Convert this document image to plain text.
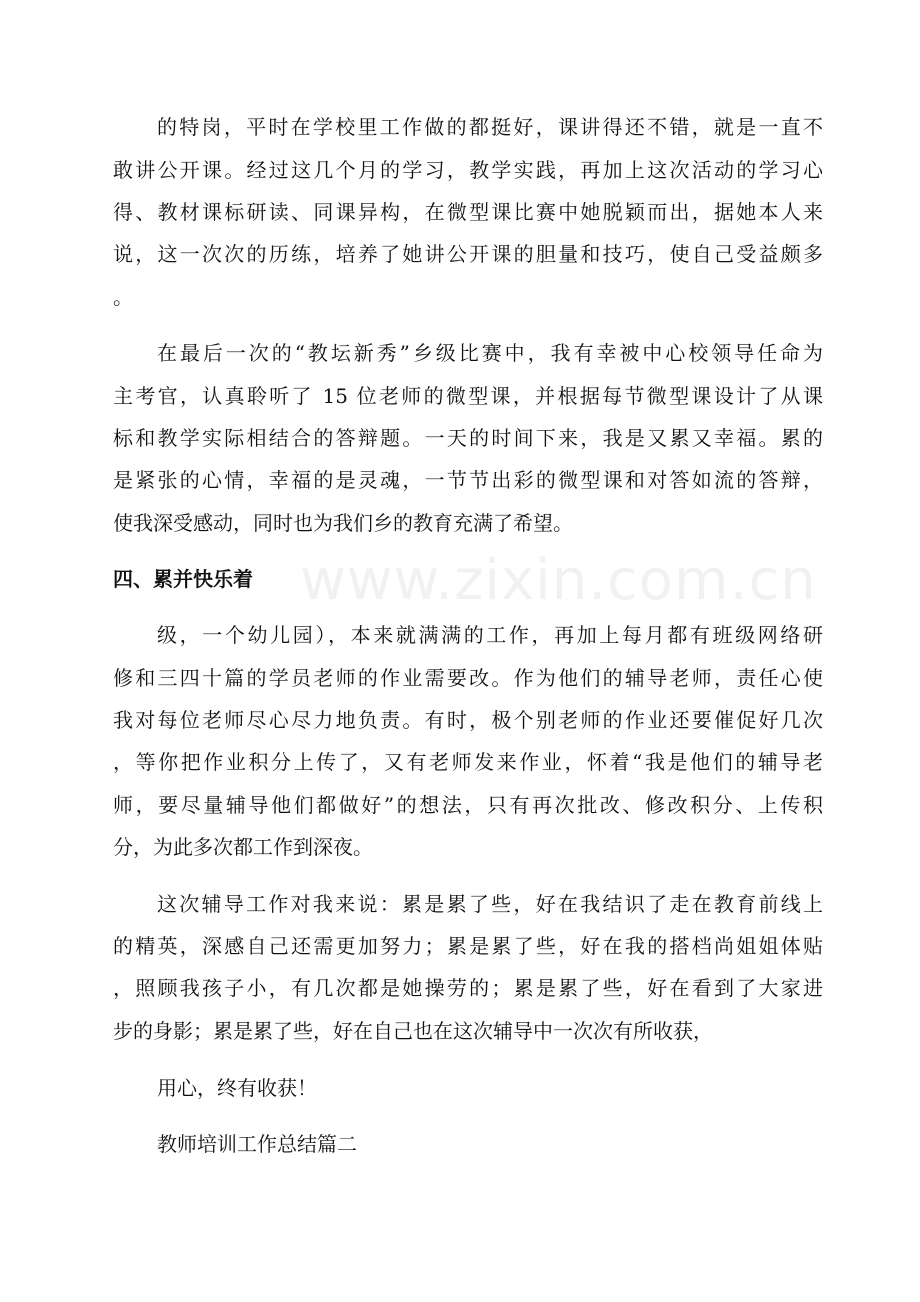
www.zixin.com.cn
的特岗，平时在学校里工作做的都挺好，课讲得还不错，就是一直不
敢讲公开课。经过这几个月的学习，教学实践，再加上这次活动的学习心
得、教材课标研读、同课异构，在微型课比赛中她脱颖而出，据她本人来
说，这一次次的历练，培养了她讲公开课的胆量和技巧，使自己受益颇多
。
在最后一次的“教坛新秀”乡级比赛中，我有幸被中心校领导任命为
主考官，认真聆听了 15 位老师的微型课，并根据每节微型课设计了从课
标和教学实际相结合的答辩题。一天的时间下来，我是又累又幸福。累的
是紧张的心情，幸福的是灵魂，一节节出彩的微型课和对答如流的答辩，
使我深受感动，同时也为我们乡的教育充满了希望。
四、累并快乐着
级，一个幼儿园），本来就满满的工作，再加上每月都有班级网络研
修和三四十篇的学员老师的作业需要改。作为他们的辅导老师，责任心使
我对每位老师尽心尽力地负责。有时，极个别老师的作业还要催促好几次
，等你把作业积分上传了，又有老师发来作业，怀着“我是他们的辅导老
师，要尽量辅导他们都做好”的想法，只有再次批改、修改积分、上传积
分，为此多次都工作到深夜。
这次辅导工作对我来说：累是累了些，好在我结识了走在教育前线上
的精英，深感自己还需更加努力；累是累了些，好在我的搭档尚姐姐体贴
，照顾我孩子小，有几次都是她操劳的；累是累了些，好在看到了大家进
步的身影；累是累了些，好在自己也在这次辅导中一次次有所收获，
用心，终有收获！
教师培训工作总结篇二
